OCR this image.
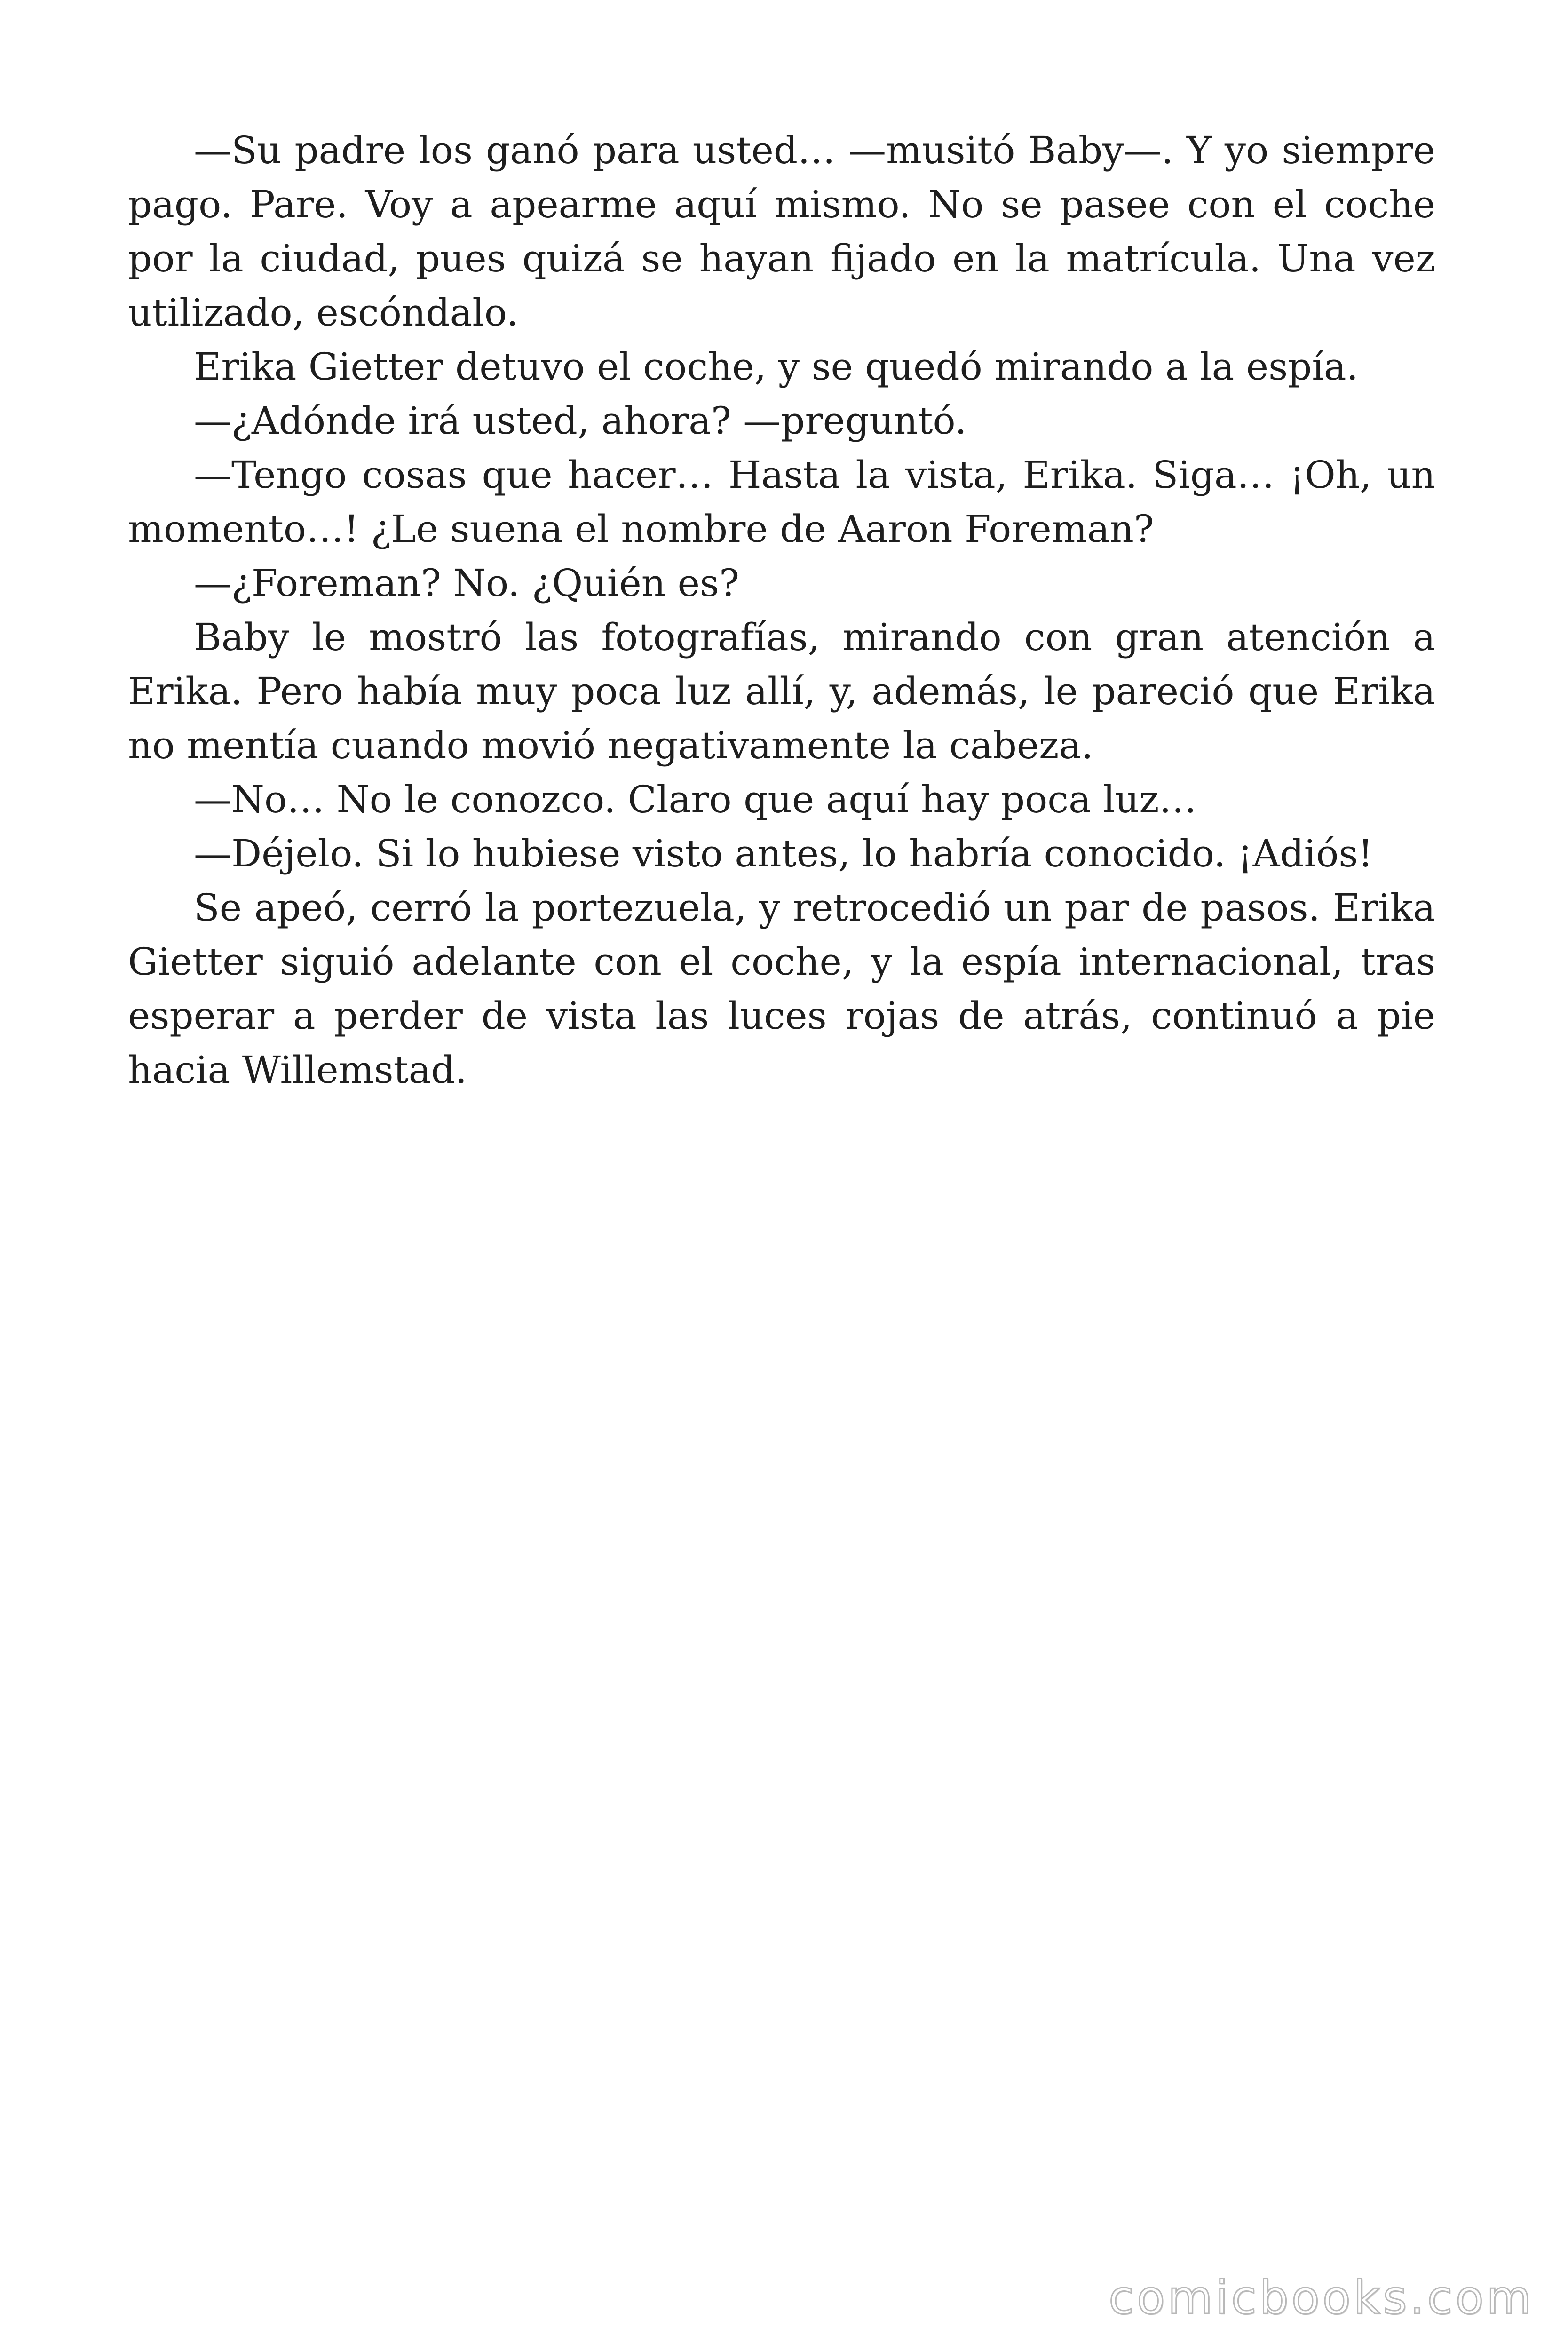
—Su padre los ganó para usted… —musitó Baby—. Y yo siempre pago. Pare. Voy a apearme aquí mismo. No se pasee con el coche por la ciudad, pues quizá se hayan fijado en la matrícula. Una vez utilizado, escóndalo.

Erika Gietter detuvo el coche, y se quedó mirando a la espía.

—¿Adónde irá usted, ahora? —preguntó.

—Tengo cosas que hacer… Hasta la vista, Erika. Siga… ¡Oh, un momento…! ¿Le suena el nombre de Aaron Foreman?

—¿Foreman? No. ¿Quién es?

Baby le mostró las fotografías, mirando con gran atención a Erika. Pero había muy poca luz allí, y, además, le pareció que Erika no mentía cuando movió negativamente la cabeza.

—No… No le conozco. Claro que aquí hay poca luz…

—Déjelo. Si lo hubiese visto antes, lo habría conocido. ¡Adiós!

Se apeó, cerró la portezuela, y retrocedió un par de pasos. Erika Gietter siguió adelante con el coche, y la espía internacional, tras esperar a perder de vista las luces rojas de atrás, continuó a pie hacia Willemstad.

comicbooks.com
